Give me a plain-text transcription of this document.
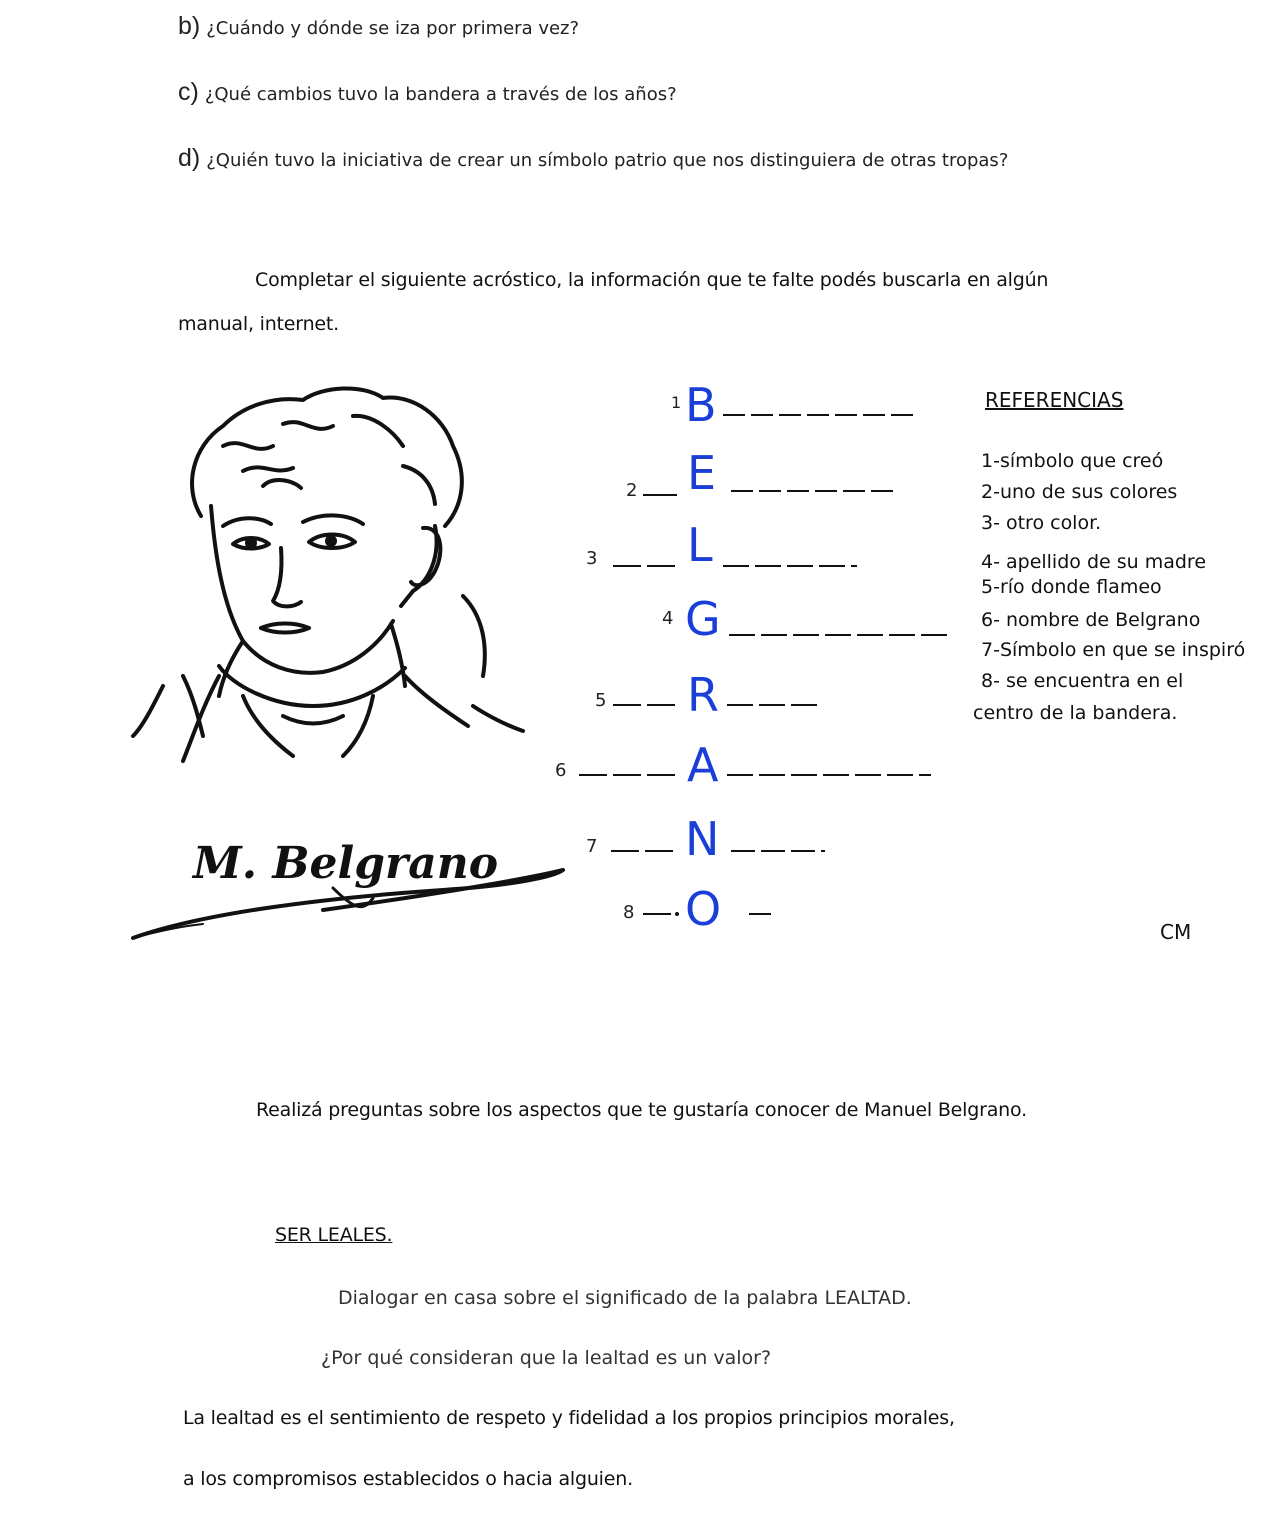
b) ¿Cuándo y dónde se iza por primera vez?
c) ¿Qué cambios tuvo la bandera a través de los años?
d) ¿Quién tuvo la iniciativa de crear un símbolo patrio que nos distinguiera de otras tropas?
Completar el siguiente acróstico, la información que te falte podés buscarla en algún
manual, internet.
M. Belgrano
1 B
2 E
3 L
4 G
5 R
6	A
7 N
8 O
REFERENCIAS
1-símbolo que creó
2-uno de sus colores
3- otro color.
4- apellido de su madre
5-río donde flameo
6- nombre de Belgrano
7-Símbolo en que se inspiró
8- se encuentra en el
centro de la bandera.
CM
Realizá preguntas sobre los aspectos que te gustaría conocer de Manuel Belgrano.
SER LEALES.
Dialogar en casa sobre el significado de la palabra LEALTAD.
¿Por qué consideran que la lealtad es un valor?
La lealtad es el sentimiento de respeto y fidelidad a los propios principios morales,
a los compromisos establecidos o hacia alguien.
